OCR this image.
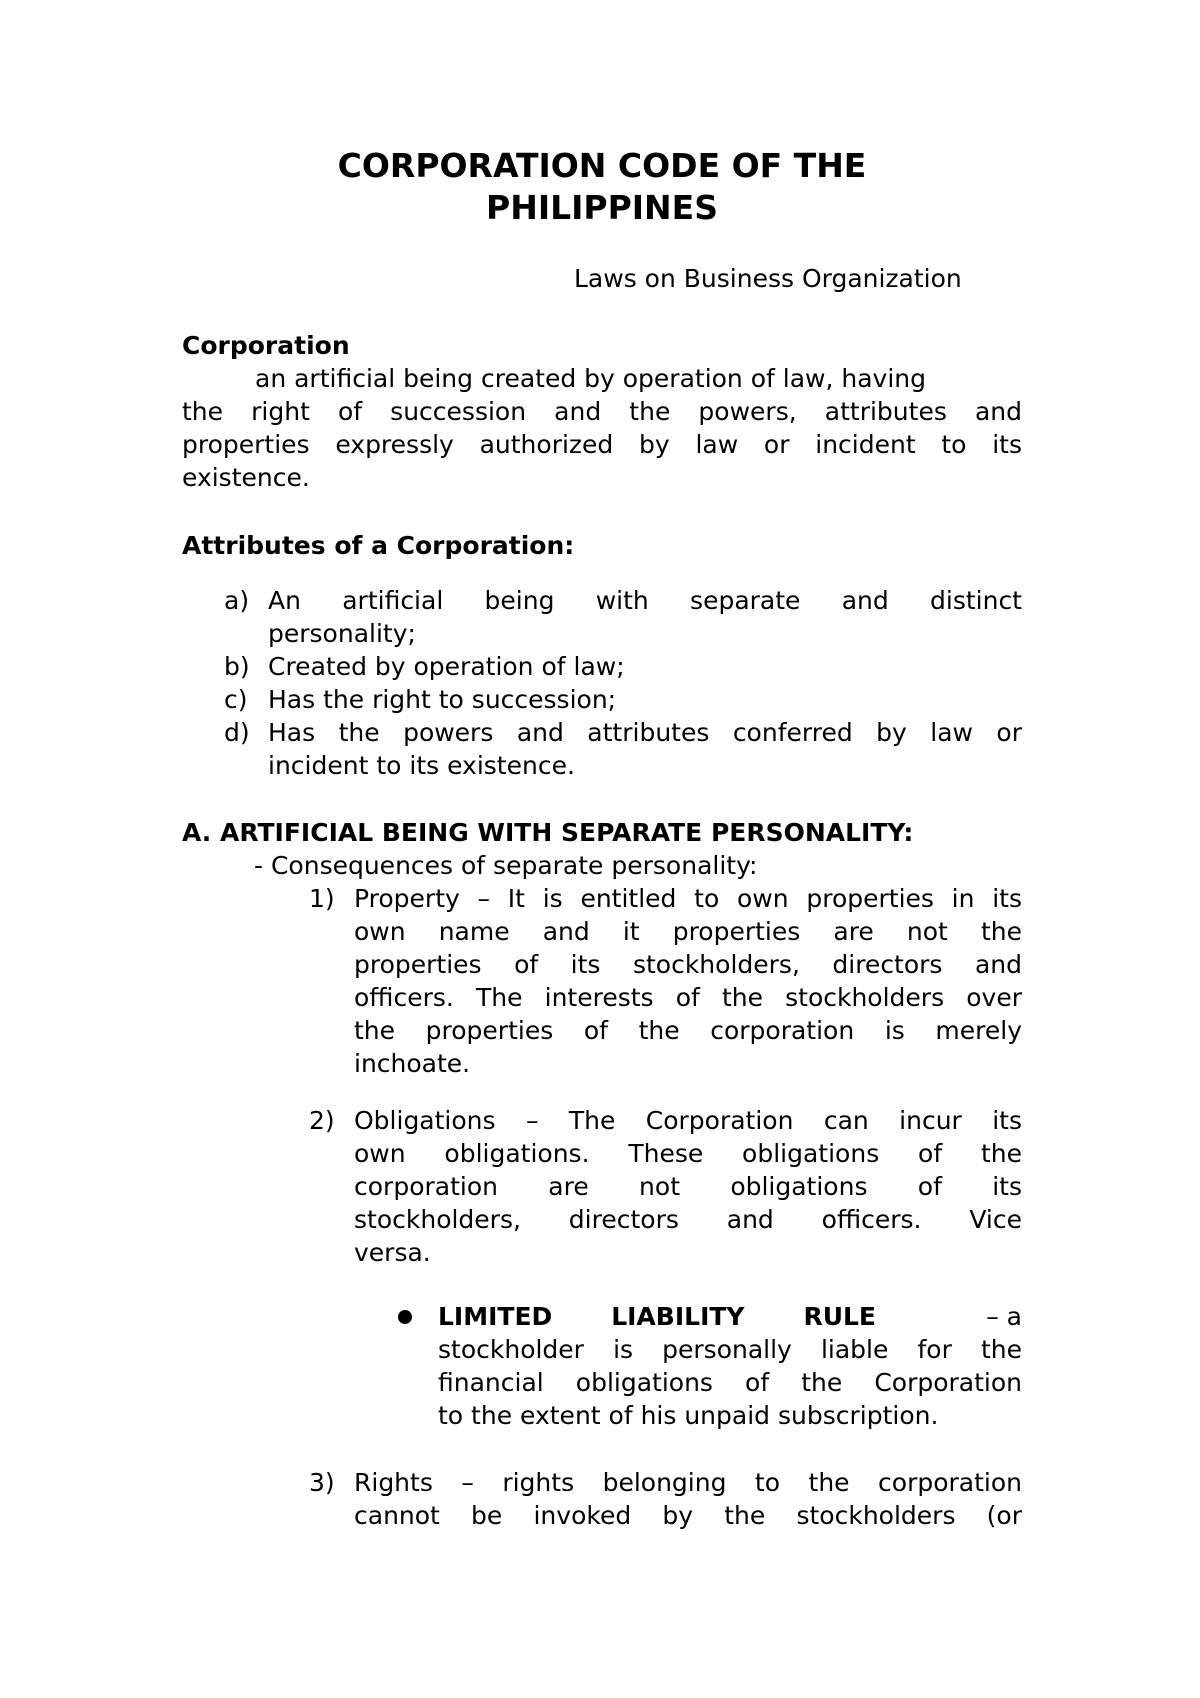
CORPORATION CODE OF THE
PHILIPPINES
Laws on Business Organization
Corporation
an artificial being created by operation of law, having
the right of succession and the powers, attributes and
properties expressly authorized by law or incident to its
existence.
Attributes of a Corporation:
a) An artificial being with separate and distinct
personality;
b) Created by operation of law;
c) Has the right to succession;
d) Has the powers and attributes conferred by law or
incident to its existence.
A. ARTIFICIAL BEING WITH SEPARATE PERSONALITY:
- Consequences of separate personality:
1) Property – It is entitled to own properties in its
own name and it properties are not the
properties of its stockholders, directors and
officers. The interests of the stockholders over
the properties of the corporation is merely
inchoate.
2) Obligations – The Corporation can incur its
own obligations. These obligations of the
corporation are not obligations of its
stockholders, directors and officers. Vice
versa.
LIMITED LIABILITY RULE	– a
stockholder is personally liable for the
financial obligations of the Corporation
to the extent of his unpaid subscription.
3) Rights – rights belonging to the corporation
cannot be invoked by the stockholders (or
